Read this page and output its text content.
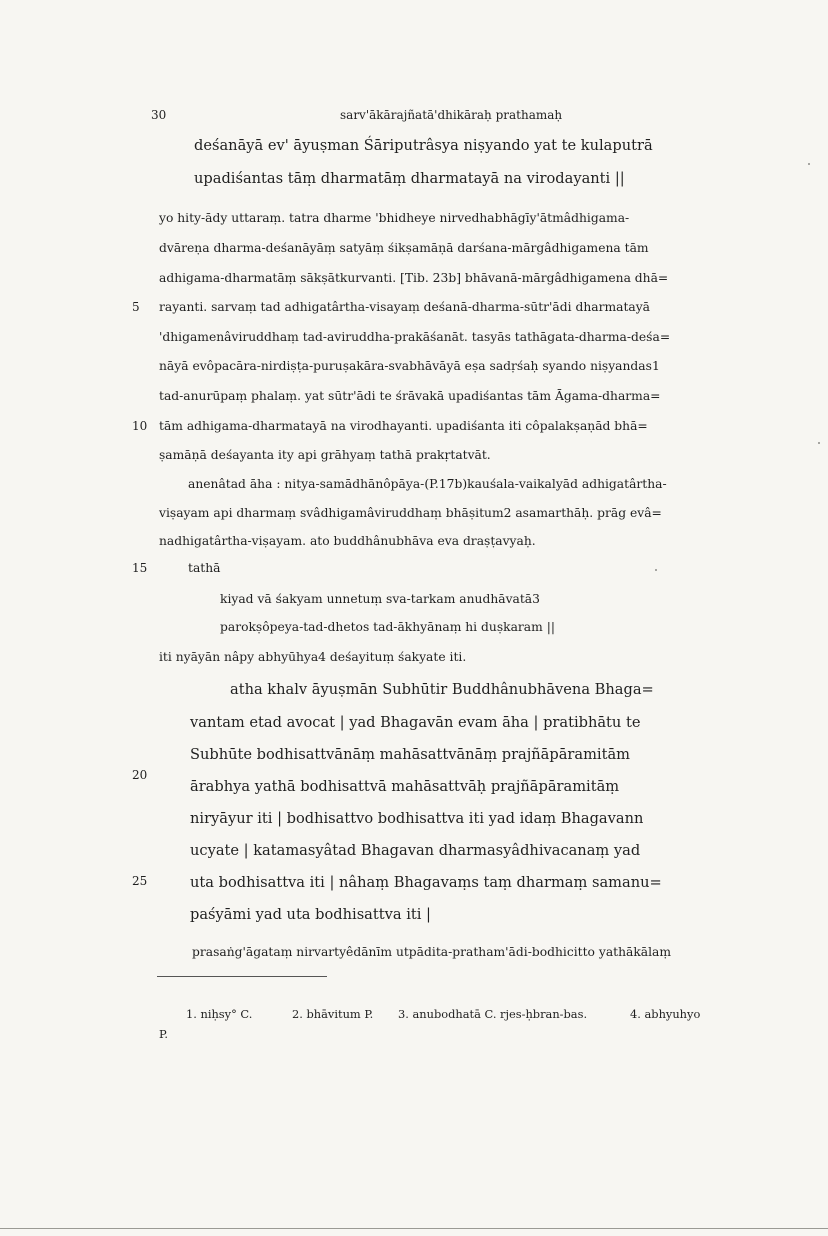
30	sarv'ākārajñatā'dhikāraḥ prathamaḥ
5
10
15
20
25
deśanāyā ev' āyuṣman Śāriputrâsya niṣyando yat te kulaputrā
upadiśantas tāṃ dharmatāṃ dharmatayā na virodayanti ||
yo hity-ādy uttaraṃ. tatra dharme 'bhidheye nirvedhabhāgīy'ātmâdhigama-
dvāreṇa dharma-deśanāyāṃ satyāṃ śikṣamāṇā darśana-mārgâdhigamena tām
adhigama-dharmatāṃ sākṣātkurvanti. [Tib. 23b] bhāvanā-mārgâdhigamena dhā=
rayanti. sarvaṃ tad adhigatârtha-visayaṃ deśanā-dharma-sūtr'ādi dharmatayā
'dhigamenâviruddhaṃ tad-aviruddha-prakāśanāt. tasyās tathāgata-dharma-deśa=
nāyā evôpacāra-nirdiṣṭa-puruṣakāra-svabhāvāyā eṣa sadṛśaḥ syando niṣyandas1
tad-anurūpaṃ phalaṃ. yat sūtr'ādi te śrāvakā upadiśantas tām Āgama-dharma=
tām adhigama-dharmatayā na virodhayanti. upadiśanta iti côpalakṣaṇād bhā=
ṣamāṇā deśayanta ity api grāhyaṃ tathā prakṛtatvāt.
anenâtad āha : nitya-samādhānôpāya-(P.17b)kauśala-vaikalyād adhigatârtha-
viṣayam api dharmaṃ svâdhigamâviruddhaṃ bhāṣitum2 asamarthāḥ. prāg evâ=
nadhigatârtha-viṣayam. ato buddhânubhāva eva draṣṭavyaḥ.
tathā
kiyad vā śakyam unnetuṃ sva-tarkam anudhāvatā3
parokṣôpeya-tad-dhetos tad-ākhyānaṃ hi duṣkaram ||
iti nyāyān nâpy abhyūhya4 deśayituṃ śakyate iti.
atha khalv āyuṣmān Subhūtir Buddhânubhāvena Bhaga=
vantam etad avocat | yad Bhagavān evam āha | pratibhātu te
Subhūte bodhisattvānāṃ mahāsattvānāṃ prajñāpāramitām
ārabhya yathā bodhisattvā mahāsattvāḥ prajñāpāramitāṃ
niryāyur iti | bodhisattvo bodhisattva iti yad idaṃ Bhagavann
ucyate | katamasyâtad Bhagavan dharmasyâdhivacanaṃ yad
uta bodhisattva iti | nâhaṃ Bhagavaṃs taṃ dharmaṃ samanu=
paśyāmi yad uta bodhisattva iti |
prasaṅg'āgataṃ nirvartyêdānīm utpādita-pratham'ādi-bodhicitto yathākālaṃ
1. niḥsy° C.	2. bhāvitum P. 3. anubodhatā C. rjes-ḥbran-bas.	4. abhyuhyo
P.
